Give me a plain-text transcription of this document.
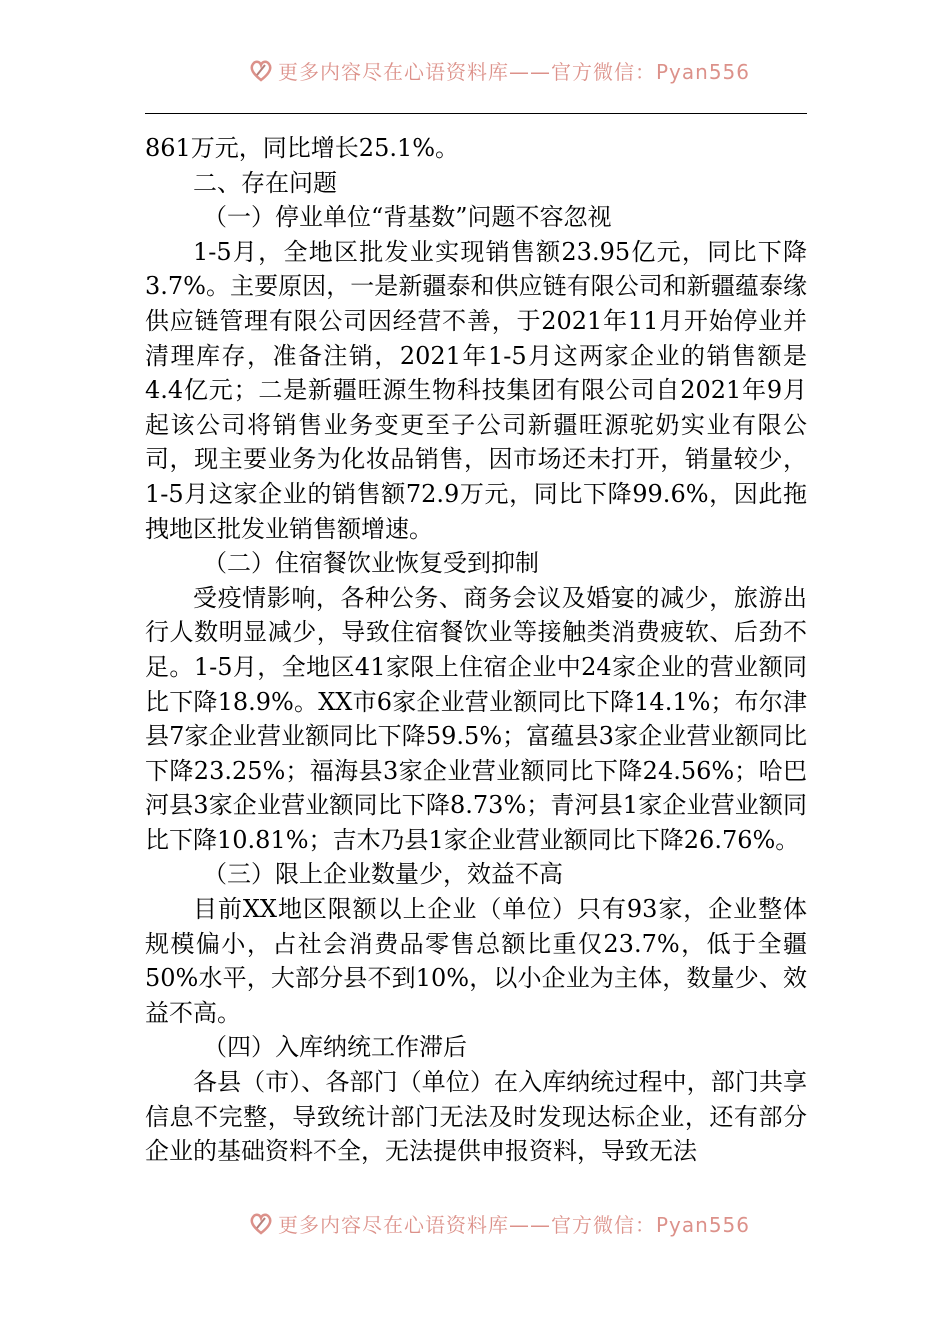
更多内容尽在心语资料库——官方微信：Pyan556

861万元，同比增长25.1%。

二、存在问题

（一）停业单位“背基数”问题不容忽视

1-5月，全地区批发业实现销售额23.95亿元，同比下降3.7%。主要原因，一是新疆泰和供应链有限公司和新疆蕴泰缘供应链管理有限公司因经营不善，于2021年11月开始停业并清理库存，准备注销，2021年1-5月这两家企业的销售额是4.4亿元；二是新疆旺源生物科技集团有限公司自2021年9月起该公司将销售业务变更至子公司新疆旺源驼奶实业有限公司，现主要业务为化妆品销售，因市场还未打开，销量较少，1-5月这家企业的销售额72.9万元，同比下降99.6%，因此拖拽地区批发业销售额增速。

（二）住宿餐饮业恢复受到抑制

受疫情影响，各种公务、商务会议及婚宴的减少，旅游出行人数明显减少，导致住宿餐饮业等接触类消费疲软、后劲不足。1-5月，全地区41家限上住宿企业中24家企业的营业额同比下降18.9%。XX市6家企业营业额同比下降14.1%；布尔津县7家企业营业额同比下降59.5%；富蕴县3家企业营业额同比下降23.25%；福海县3家企业营业额同比下降24.56%；哈巴河县3家企业营业额同比下降8.73%；青河县1家企业营业额同比下降10.81%；吉木乃县1家企业营业额同比下降26.76%。

（三）限上企业数量少，效益不高

目前XX地区限额以上企业（单位）只有93家，企业整体规模偏小，占社会消费品零售总额比重仅23.7%，低于全疆50%水平，大部分县不到10%，以小企业为主体，数量少、效益不高。

（四）入库纳统工作滞后

各县（市）、各部门（单位）在入库纳统过程中，部门共享信息不完整，导致统计部门无法及时发现达标企业，还有部分企业的基础资料不全，无法提供申报资料，导致无法

更多内容尽在心语资料库——官方微信：Pyan556
